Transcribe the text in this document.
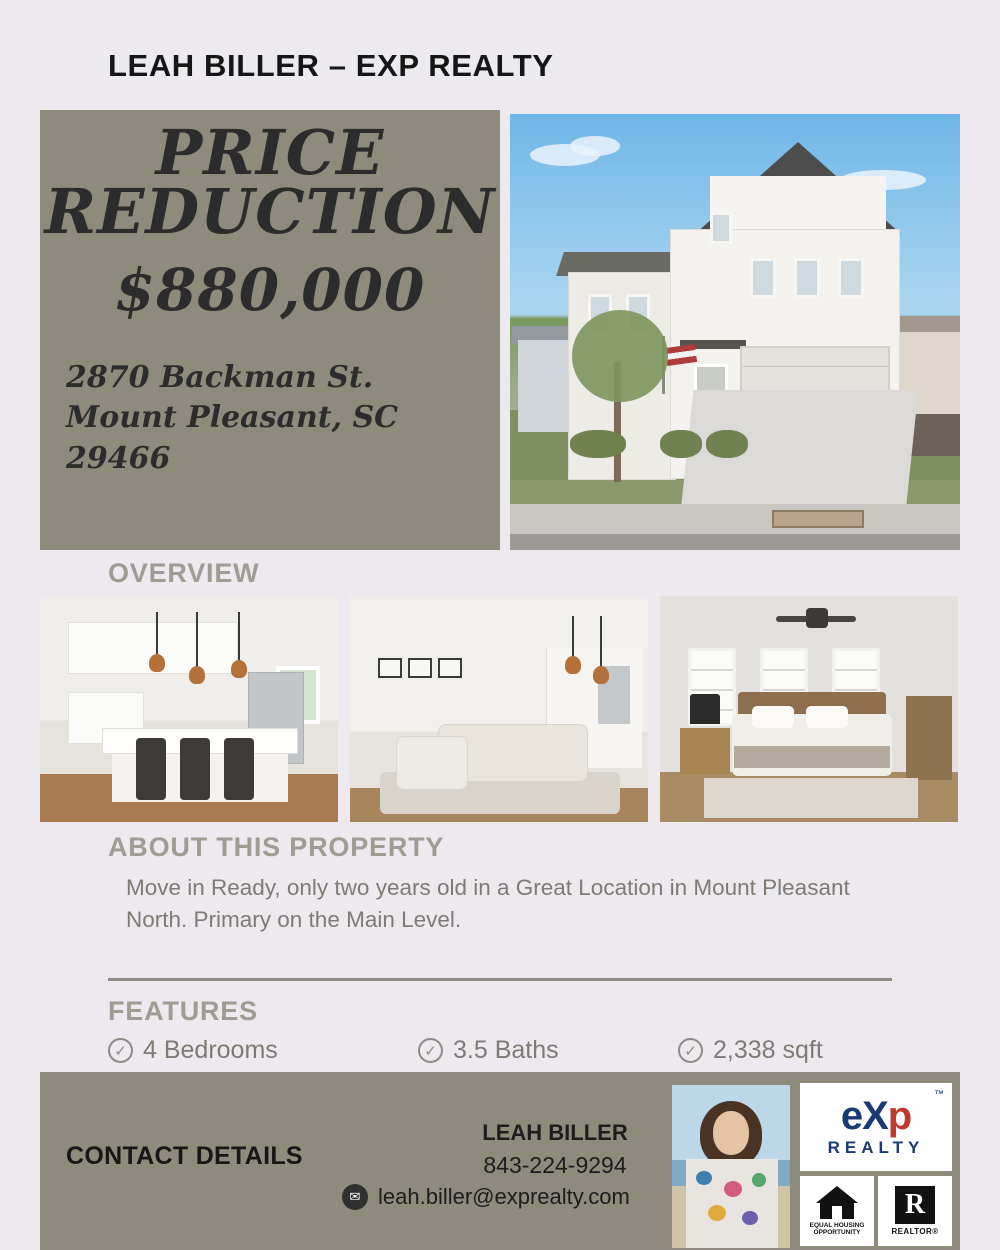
LEAH BILLER – EXP REALTY
PRICE
REDUCTION
$880,000
2870 Backman St.
Mount Pleasant, SC 29466
OVERVIEW
ABOUT THIS PROPERTY
Move in Ready, only two years old in a Great Location in Mount Pleasant North. Primary on the Main Level.
FEATURES
✓ 4 Bedrooms	✓ 3.5 Baths	✓ 2,338 sqft
CONTACT DETAILS
LEAH BILLER
843-224-9294
✉ leah.biller@exprealty.com
™
eXp
REALTY
EQUAL HOUSING
OPPORTUNITY
R
REALTOR®
